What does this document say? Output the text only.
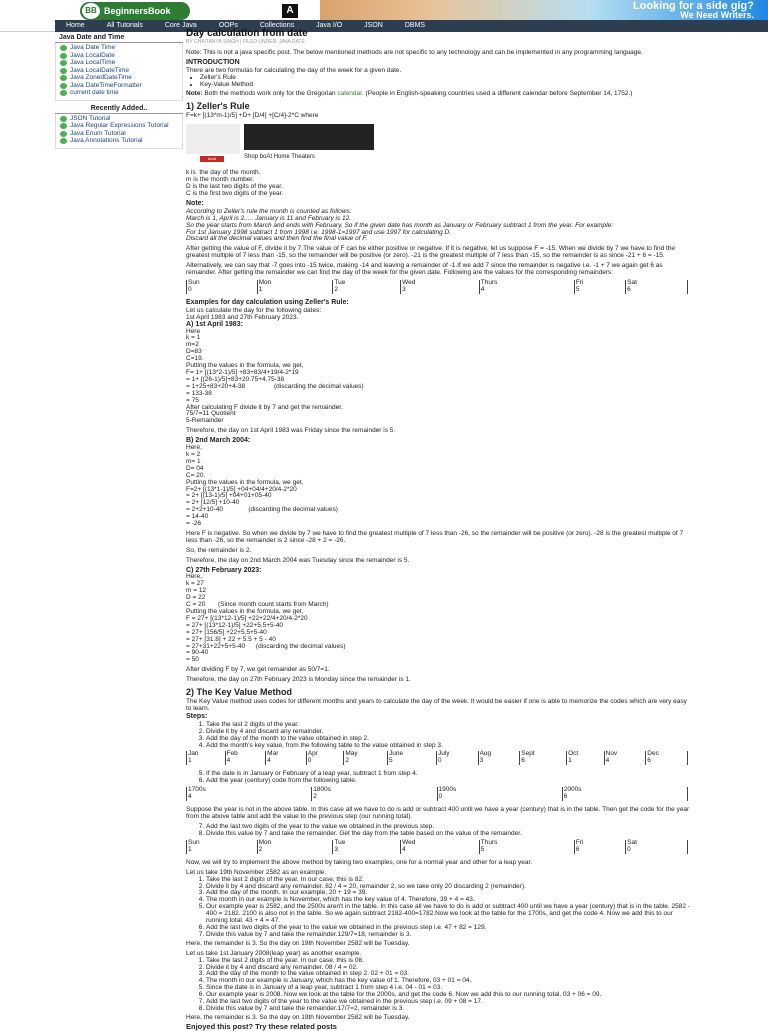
BB BeginnersBook	A	Looking for a side gig?
We Need Writers.
Home	All Tutorials	Core Java	OOPs	Collections	Java I/O	JSON	DBMS
Java Date and Time
Java Date Time
Java LocalDate
Java LocalTime
Java LocalDateTime
Java ZonedDateTime
Java DateTimeFormatter
current date time
Recently Added..
JSON Tutorial
Java Regular Expressions Tutorial
Java Enum Tutorial
Java Annotations Tutorial
Day calculation from date
BY CHAITANYA SINGH | FILED UNDER: JAVA DATE
Note: This is not a java specific post. The below mentioned methods are not specific to any technology and can be implemented in any programming language.
INTRODUCTION
There are two formulas for calculating the day of the week for a given date.
• Zeller's Rule
• Key-Value Method
Note: Both the methods work only for the Gregorian calendar. (People in English-speaking countries used a different calendar before September 14, 1752.)
1) Zeller's Rule
F=k+ [(13*m-1)/5] +D+ [D/4] +[C/4]-2*C where
boAt	Shop boAt Home Theaters
k is  the day of the month.
m is the month number.
D is the last two digits of the year.
C is the first two digits of the year.
Note:
According to Zeller's rule the month is counted as follows:
March is 1, April is 2..... January is 11 and February is 12.
So the year starts from March and ends with February. So if the given date has month as January or February subtract 1 from the year. For example:
For 1st January 1998 subtract 1 from 1998 i.e. 1998-1=1997 and use 1997 for calculating D.
Discard all the decimal values and then find the final value of F.
After getting the value of F, divide it by 7.The value of F can be either positive or negative. If it is negative, let us suppose F = -15. When we divide by 7 we have to find the greatest multiple of 7 less than -15, so the remainder will be positive (or zero). -21 is the greatest multiple of 7 less than -15, so the remainder is as since -21 + 6 = -15.
Alternatively, we can say that -7 goes into -15 twice, making -14 and leaving a remainder of -1.If we add 7 since the remainder is negative i.e. -1 + 7 we again get 6 as remainder. After getting the remainder we can find the day of the week for the given date. Following are the values for the corresponding remainders:
Sun	Mon	Tue	Wed	Thurs	Fri	Sat
0	1	2	3	4	5	6
Examples for day calculation using Zeller's Rule:
Let us calculate the day for the following dates:
1st April 1983 and 27th February 2023.
A) 1st April 1983:
Here
k = 1
m=2
D=83
C=19.
Putting the values in the formula, we get,
F= 1+ [(13*2-1)/5] +83+83/4+19/4-2*19
= 1+ [(26-1)/5]+83+20.75+4.75-38
= 1+25+83+20+4-38                (discarding the decimal values)
= 133-38
= 75
After calculating F divide it by 7 and get the remainder.
75/7=11 Quotient
5-Remainder
Therefore, the day on 1st April 1983 was Friday since the remainder is 5.
B) 2nd March 2004:
Here,
k = 2
m= 1
D= 04
C= 20.
Putting the values in the formula, we get,
F=2+ [(13*1-1)/5] +04+04/4+20/4-2*20
= 2+ [(13-1)/5] +04+01+05-40
= 2+ [12/5] +10-40
= 2+2+10-40              (discarding the decimal values)
= 14-40
= -26
Here F is negative. So when we divide by 7 we have to find the greatest multiple of 7 less than -26, so the remainder will be positive (or zero). -28 is the greatest multiple of 7 less than -26, so the remainder is 2 since -28 + 2 = -26.
So, the remainder is 2.
Therefore, the day on 2nd March 2004 was Tuesday since the remainder is 5.
C) 27th February 2023:
Here,
k = 27
m = 12
D = 22
C = 20       (Since month count starts from March)
Putting the values in the formula, we get,
F = 27+ [(13*12-1)/5] +22+22/4+20/4-2*20
= 27+ [(13*12-1)/5] +22+5.5+5-40
= 27+ [156/5] +22+5.5+5-40
= 27+ [31.8] + 22 + 5.5 + 5 - 40
= 27+31+22+5+5-40      (discarding the decimal values)
= 90-40
= 50
After dividing F by 7, we get remainder as 50/7=1.
Therefore, the day on 27th February 2023 is Monday since the remainder is 1.
2) The Key Value Method
The Key Value method uses codes for different months and years to calculate the day of the week. It would be easier if one is able to memorize the codes which are very easy to learn.
Steps:
1. Take the last 2 digits of the year.
2. Divide it by 4 and discard any remainder.
3. Add the day of the month to the value obtained in step 2.
4. Add the month's key value, from the following table to the value obtained in step 3.
Jan	Feb	Mar	Apr	May	June	July	Aug	Sept	Oct	Nov	Dec
1	4	4	0	2	5	0	3	6	1	4	6
5. If the date is in January or February of a leap year, subtract 1 from step 4.
6. Add the year (century) code from the following table.
1700s	1800s	1900s	2000s
4	2	0	6
Suppose the year is not in the above table. In this case all we have to do is add or subtract 400 until we have a year (century) that is in the table. Then get the code for the year from the above table and add the value to the previous step (our running total).
7. Add the last two digits of the year to the value we obtained in the previous step.
8. Divide this value by 7 and take the remainder. Get the day from the table based on the value of the remainder.
Sun	Mon	Tue	Wed	Thurs	Fri	Sat
1	2	3	4	5	6	0
Now, we will try to implement the above method by taking two examples, one for a normal year and other for a leap year.
Let us take 19th November 2582 as an example.
1. Take the last 2 digits of the year. In our case, this is 82.
2. Divide it by 4 and discard any remainder. 82 / 4 = 20, remainder 2, so we take only 20 discarding 2 (remainder).
3. Add the day of the month. In our example, 20 + 19 = 39.
4. The month in our example is November, which has the key value of 4. Therefore, 39 + 4 = 43.
5. Our example year is 2582, and the 2500s aren't in the table. In this case all we have to do is add or subtract 400 until we have a year (century) that is in the table. 2582 - 400 = 2182. 2100 is also not in the table. So we again subtract 2182-400=1782.Now we look at the table for the 1700s, and get the code 4. Now we add this to our running total. 43 + 4 = 47.
6. Add the last two digits of the year to the value we obtained in the previous step i.e. 47 + 82 = 129.
7. Divide this value by 7 and take the remainder.129/7=18, remainder is 3.
Here, the remainder is 3. So the day on 19th November 2582 will be Tuesday.
Let us take 1st January 2008(leap year) as another example.
1. Take the last 2 digits of the year. In our case, this is 08.
2. Divide it by 4 and discard any remainder. 08 / 4 = 02.
3. Add the day of the month to the value obtained in step 2. 02 + 01 = 03.
4. The month in our example is January, which has the key value of 1. Therefore, 03 + 01 = 04.
5. Since the date is in January of a leap year, subtract 1 from step 4 i.e. 04 - 01 = 03.
6. Our example year is 2008. Now we look at the table for the 2000s, and get the code 6. Now we add this to our running total. 03 + 06 = 09.
7. Add the last two digits of the year to the value we obtained in the previous step i.e. 09 + 08 = 17.
8. Divide this value by 7 and take the remainder.17/7=2, remainder is 3.
Here, the remainder is 3. So the day on 19th November 2582 will be Tuesday.
Enjoyed this post? Try these related posts
